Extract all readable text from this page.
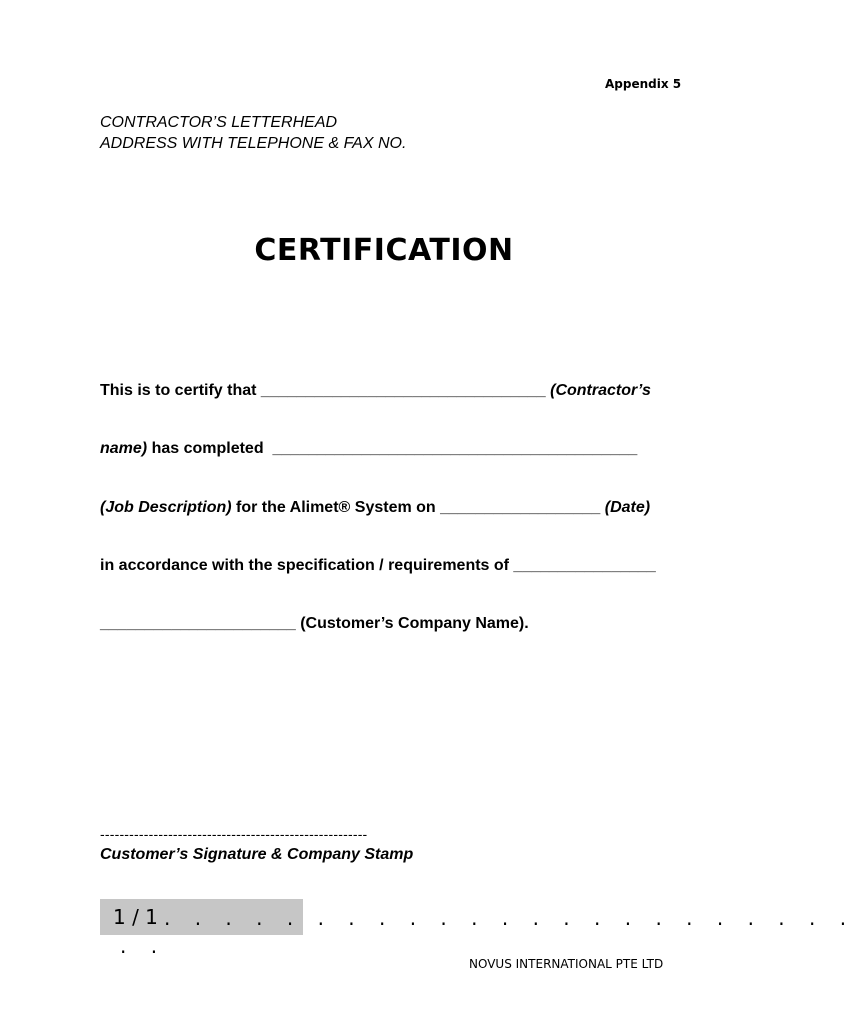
Appendix 5
CONTRACTOR’S LETTERHEAD
ADDRESS WITH TELEPHONE & FAX NO.
CERTIFICATION
This is to certify that ________________________________ (Contractor’s
name) has completed  _________________________________________
(Job Description) for the Alimet® System on __________________ (Date)
in accordance with the specification / requirements of ________________
______________________ (Customer’s Company Name).
-------------------------------------------------------
Customer’s Signature & Company Stamp
1 / 1 . . . . . . . . . . . . . . . . . . . . . . .
. .
NOVUS INTERNATIONAL PTE LTD
